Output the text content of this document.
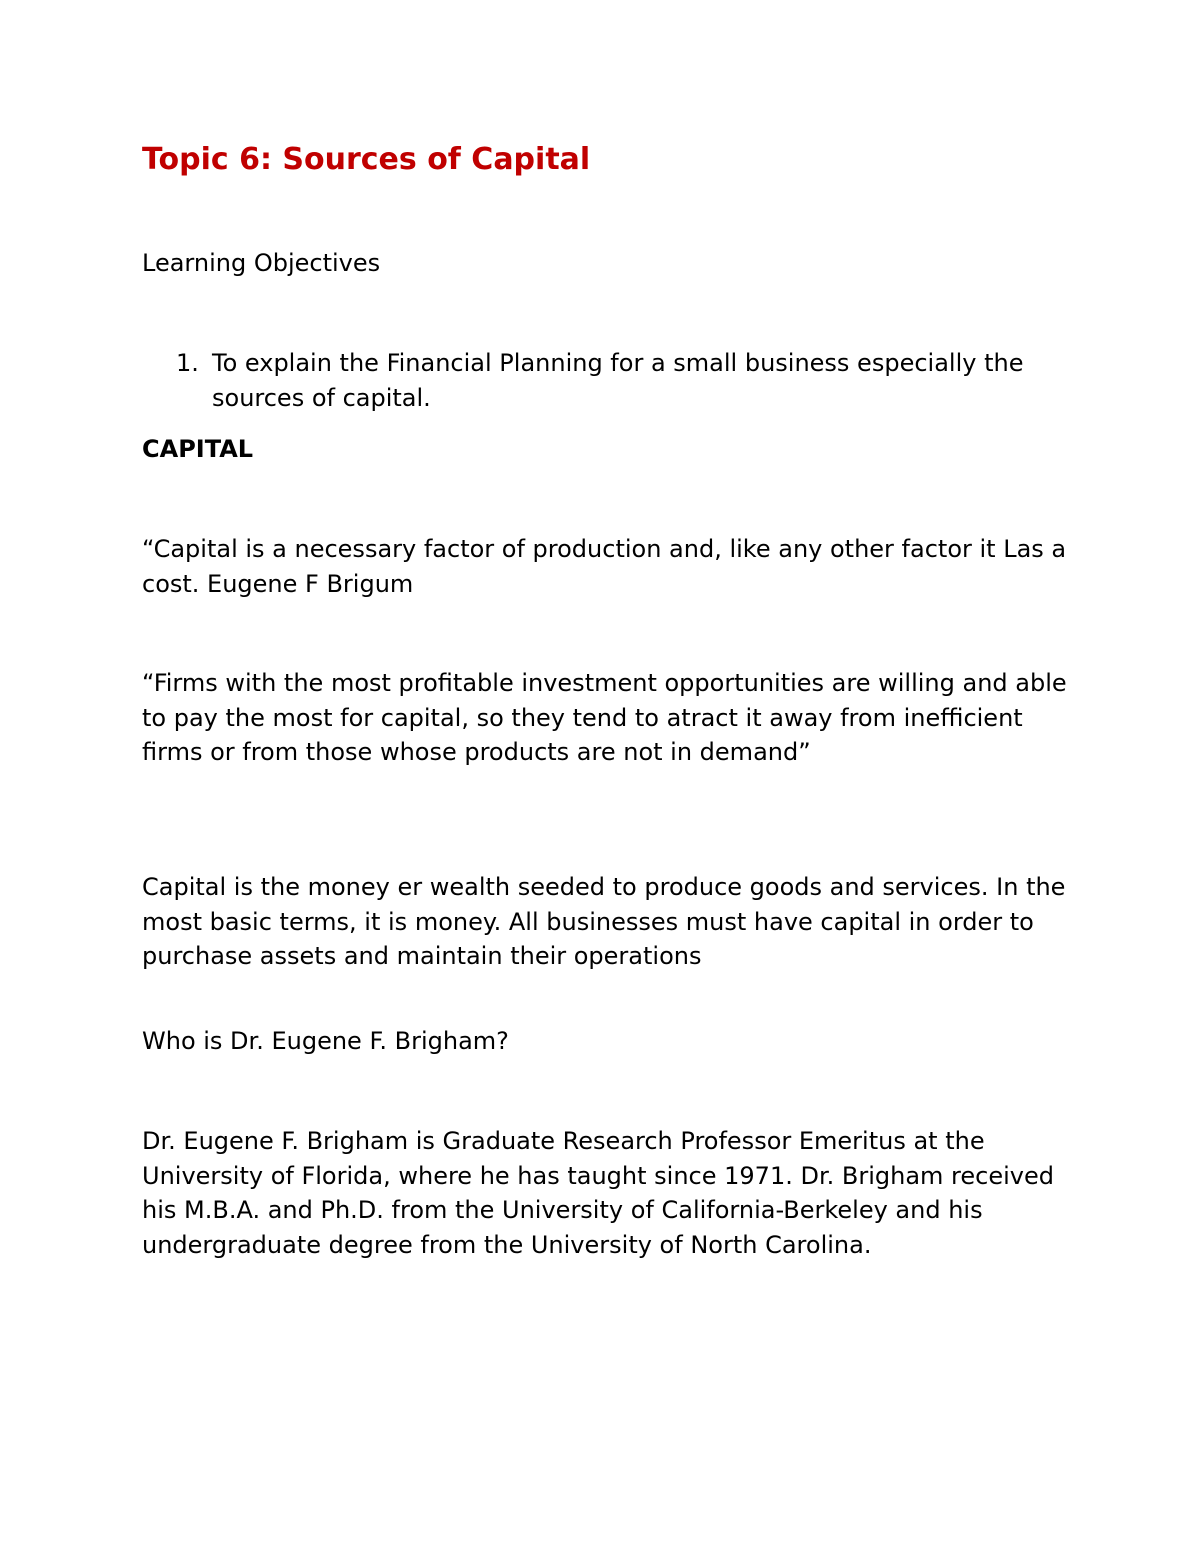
Topic 6: Sources of Capital

Learning Objectives

1. To explain the Financial Planning for a small business especially the sources of capital.

CAPITAL

“Capital is a necessary factor of production and, like any other factor it Las a cost. Eugene F Brigum

“Firms with the most profitable investment opportunities are willing and able to pay the most for capital, so they tend to atract it away from inefficient firms or from those whose products are not in demand”

Capital is the money er wealth seeded to produce goods and services. In the most basic terms, it is money. All businesses must have capital in order to purchase assets and maintain their operations

Who is Dr. Eugene F. Brigham?

Dr. Eugene F. Brigham is Graduate Research Professor Emeritus at the University of Florida, where he has taught since 1971. Dr. Brigham received his M.B.A. and Ph.D. from the University of California-Berkeley and his undergraduate degree from the University of North Carolina.
